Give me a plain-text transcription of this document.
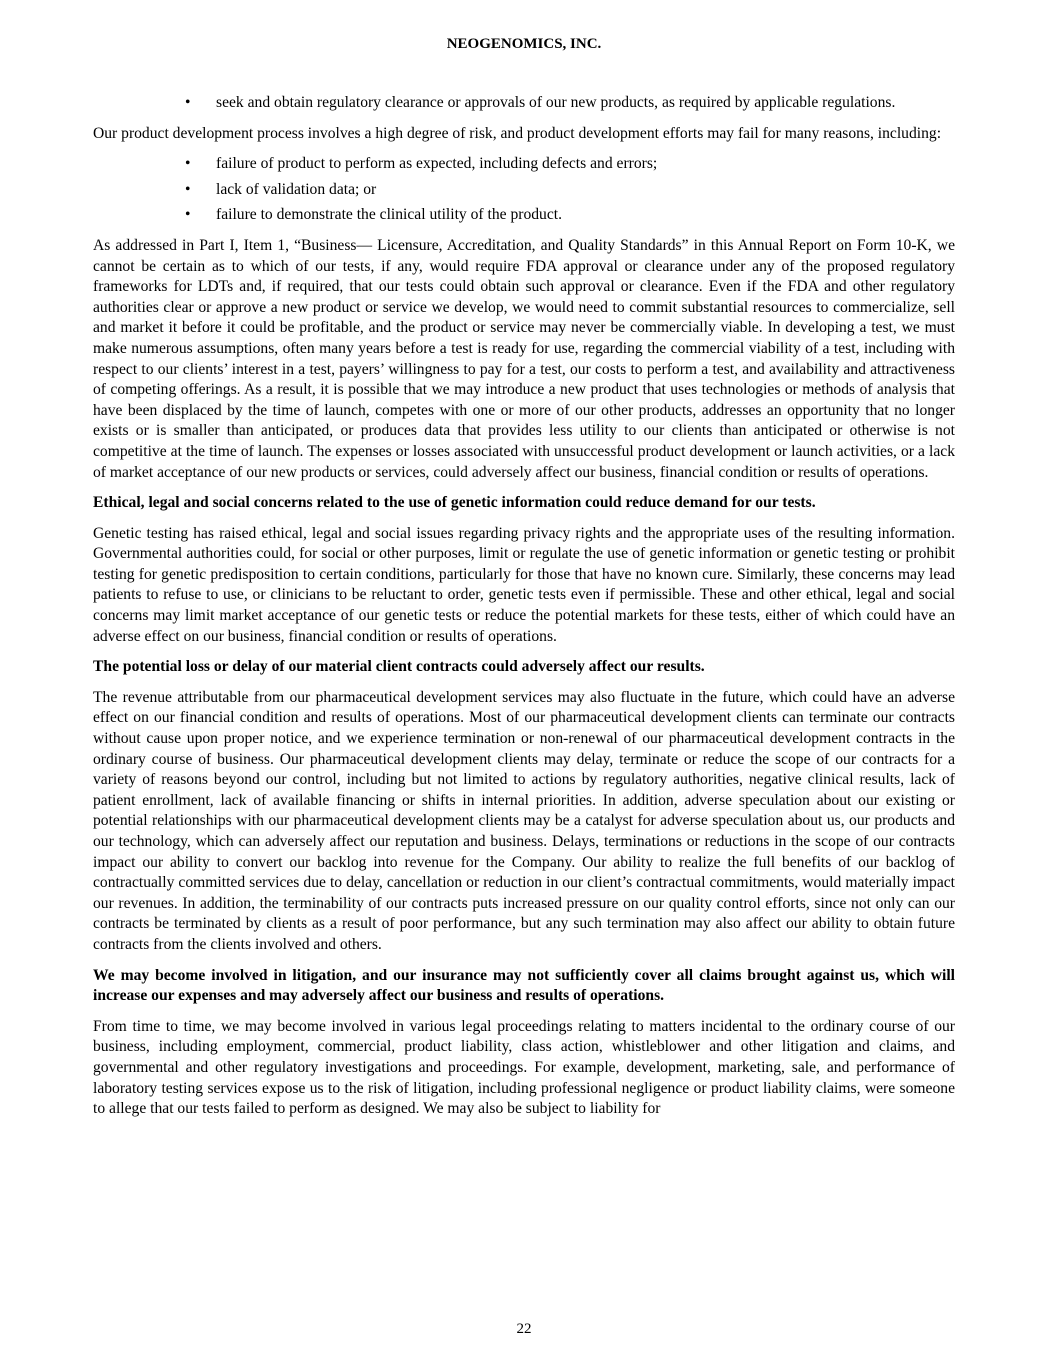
NEOGENOMICS, INC.
• seek and obtain regulatory clearance or approvals of our new products, as required by applicable regulations.

Our product development process involves a high degree of risk, and product development efforts may fail for many reasons, including:

• failure of product to perform as expected, including defects and errors;
• lack of validation data; or
• failure to demonstrate the clinical utility of the product.

As addressed in Part I, Item 1, “Business— Licensure, Accreditation, and Quality Standards” in this Annual Report on Form 10-K, we cannot be certain as to which of our tests, if any, would require FDA approval or clearance under any of the proposed regulatory frameworks for LDTs and, if required, that our tests could obtain such approval or clearance. Even if the FDA and other regulatory authorities clear or approve a new product or service we develop, we would need to commit substantial resources to commercialize, sell and market it before it could be profitable, and the product or service may never be commercially viable. In developing a test, we must make numerous assumptions, often many years before a test is ready for use, regarding the commercial viability of a test, including with respect to our clients’ interest in a test, payers’ willingness to pay for a test, our costs to perform a test, and availability and attractiveness of competing offerings. As a result, it is possible that we may introduce a new product that uses technologies or methods of analysis that have been displaced by the time of launch, competes with one or more of our other products, addresses an opportunity that no longer exists or is smaller than anticipated, or produces data that provides less utility to our clients than anticipated or otherwise is not competitive at the time of launch. The expenses or losses associated with unsuccessful product development or launch activities, or a lack of market acceptance of our new products or services, could adversely affect our business, financial condition or results of operations.

Ethical, legal and social concerns related to the use of genetic information could reduce demand for our tests.

Genetic testing has raised ethical, legal and social issues regarding privacy rights and the appropriate uses of the resulting information. Governmental authorities could, for social or other purposes, limit or regulate the use of genetic information or genetic testing or prohibit testing for genetic predisposition to certain conditions, particularly for those that have no known cure. Similarly, these concerns may lead patients to refuse to use, or clinicians to be reluctant to order, genetic tests even if permissible. These and other ethical, legal and social concerns may limit market acceptance of our genetic tests or reduce the potential markets for these tests, either of which could have an adverse effect on our business, financial condition or results of operations.

The potential loss or delay of our material client contracts could adversely affect our results.

The revenue attributable from our pharmaceutical development services may also fluctuate in the future, which could have an adverse effect on our financial condition and results of operations. Most of our pharmaceutical development clients can terminate our contracts without cause upon proper notice, and we experience termination or non-renewal of our pharmaceutical development contracts in the ordinary course of business. Our pharmaceutical development clients may delay, terminate or reduce the scope of our contracts for a variety of reasons beyond our control, including but not limited to actions by regulatory authorities, negative clinical results, lack of patient enrollment, lack of available financing or shifts in internal priorities. In addition, adverse speculation about our existing or potential relationships with our pharmaceutical development clients may be a catalyst for adverse speculation about us, our products and our technology, which can adversely affect our reputation and business. Delays, terminations or reductions in the scope of our contracts impact our ability to convert our backlog into revenue for the Company. Our ability to realize the full benefits of our backlog of contractually committed services due to delay, cancellation or reduction in our client’s contractual commitments, would materially impact our revenues. In addition, the terminability of our contracts puts increased pressure on our quality control efforts, since not only can our contracts be terminated by clients as a result of poor performance, but any such termination may also affect our ability to obtain future contracts from the clients involved and others.

We may become involved in litigation, and our insurance may not sufficiently cover all claims brought against us, which will increase our expenses and may adversely affect our business and results of operations.

From time to time, we may become involved in various legal proceedings relating to matters incidental to the ordinary course of our business, including employment, commercial, product liability, class action, whistleblower and other litigation and claims, and governmental and other regulatory investigations and proceedings. For example, development, marketing, sale, and performance of laboratory testing services expose us to the risk of litigation, including professional negligence or product liability claims, were someone to allege that our tests failed to perform as designed. We may also be subject to liability for

22
